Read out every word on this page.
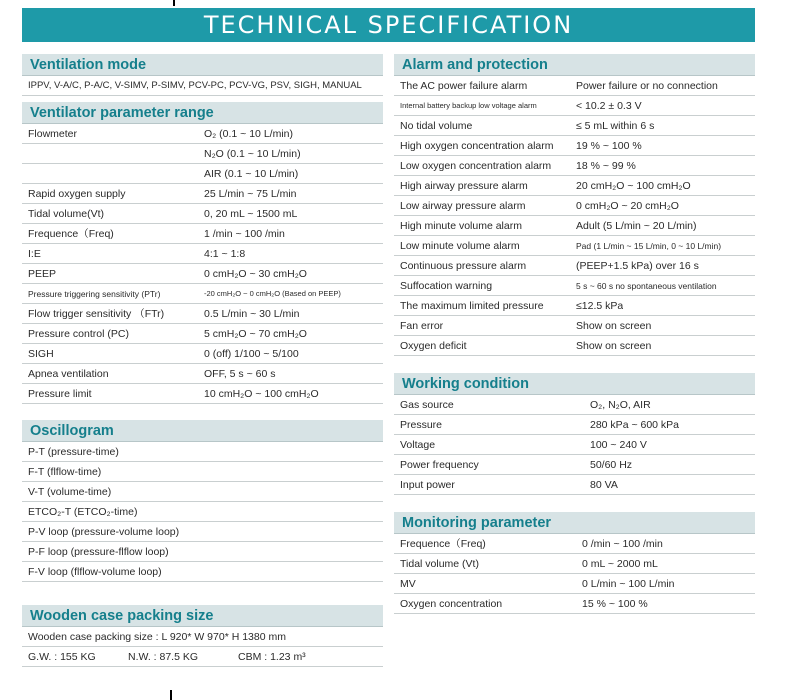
TECHNICAL SPECIFICATION
Ventilation mode
IPPV, V-A/C, P-A/C, V-SIMV, P-SIMV, PCV-PC, PCV-VG, PSV, SIGH, MANUAL
Ventilator parameter range
Flowmeter	O₂ (0.1 ~ 10 L/min)
N₂O (0.1 ~ 10 L/min)
AIR (0.1 ~ 10 L/min)
Rapid oxygen supply	25 L/min ~ 75 L/min
Tidal volume(Vt)	0, 20 mL ~ 1500 mL
Frequence（Freq)	1 /min ~ 100 /min
I:E	4:1 ~ 1:8
PEEP	0 cmH₂O ~ 30 cmH₂O
Pressure triggering sensitivity (PTr)	-20 cmH₂O ~ 0 cmH₂O (Based on PEEP)
Flow trigger sensitivity （FTr)	0.5 L/min ~ 30 L/min
Pressure control (PC)	5 cmH₂O ~ 70 cmH₂O
SIGH	0 (off) 1/100 ~ 5/100
Apnea ventilation	OFF, 5 s ~ 60 s
Pressure limit	10 cmH₂O ~ 100 cmH₂O
Oscillogram
P-T (pressure-time)
F-T (flflow-time)
V-T (volume-time)
ETCO₂-T (ETCO₂-time)
P-V loop (pressure-volume loop)
P-F loop (pressure-flflow loop)
F-V loop (flflow-volume loop)
Wooden case packing size
Wooden case packing size : L 920* W 970* H 1380 mm
G.W. : 155 KG	N.W. : 87.5 KG	CBM : 1.23 m³
Alarm and protection
The AC power failure alarm	Power failure or no connection
Internal battery backup low voltage alarm	< 10.2 ± 0.3 V
No tidal volume	≤ 5 mL within 6 s
High oxygen concentration alarm	19 % ~ 100 %
Low oxygen concentration alarm	18 % ~ 99 %
High airway pressure alarm	20 cmH₂O ~ 100 cmH₂O
Low airway pressure alarm	0 cmH₂O ~ 20 cmH₂O
High minute volume alarm	Adult (5 L/min ~ 20 L/min)
Low minute volume alarm	Pad (1 L/min ~ 15 L/min, 0 ~ 10 L/min)
Continuous pressure alarm	(PEEP+1.5 kPa) over 16 s
Suffocation warning	5 s ~ 60 s no spontaneous ventilation
The maximum limited pressure	≤12.5 kPa
Fan error	Show on screen
Oxygen deficit	Show on screen
Working condition
Gas source	O₂, N₂O, AIR
Pressure	280 kPa ~ 600 kPa
Voltage	100 ~ 240 V
Power frequency	50/60 Hz
Input power	80 VA
Monitoring parameter
Frequence（Freq)	0 /min ~ 100 /min
Tidal volume (Vt)	0 mL ~ 2000 mL
MV	0 L/min ~ 100 L/min
Oxygen concentration	15 % ~ 100 %
